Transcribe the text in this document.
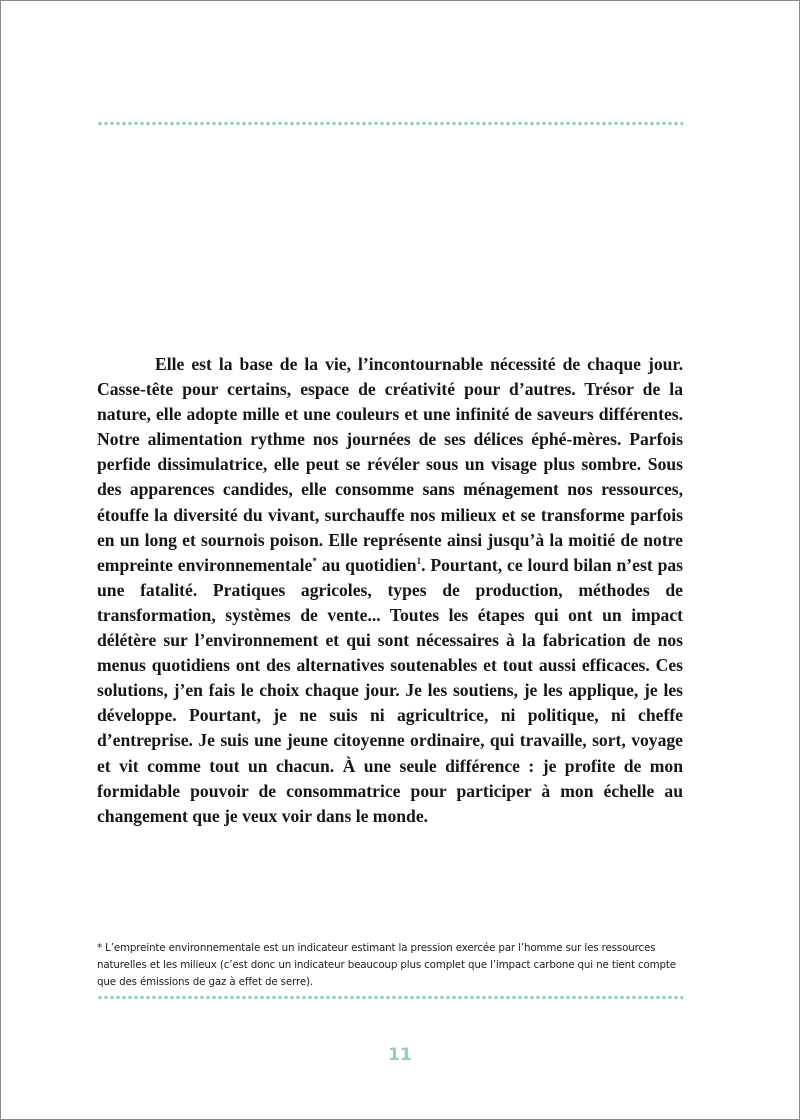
Elle est la base de la vie, l’incontournable nécessité de chaque jour. Casse-tête pour certains, espace de créativité pour d’autres. Trésor de la nature, elle adopte mille et une couleurs et une infinité de saveurs différentes. Notre alimentation rythme nos journées de ses délices éphé-mères. Parfois perfide dissimulatrice, elle peut se révéler sous un visage plus sombre. Sous des apparences candides, elle consomme sans ménagement nos ressources, étouffe la diversité du vivant, surchauffe nos milieux et se transforme parfois en un long et sournois poison. Elle représente ainsi jusqu’à la moitié de notre empreinte environnementale* au quotidien$^1$. Pourtant, ce lourd bilan n’est pas une fatalité. Pratiques agricoles, types de production, méthodes de transformation, systèmes de vente... Toutes les étapes qui ont un impact délétère sur l’environnement et qui sont nécessaires à la fabrication de nos menus quotidiens ont des alternatives soutenables et tout aussi efficaces. Ces solutions, j’en fais le choix chaque jour. Je les soutiens, je les applique, je les développe. Pourtant, je ne suis ni agricultrice, ni politique, ni cheffe d’entreprise. Je suis une jeune citoyenne ordinaire, qui travaille, sort, voyage et vit comme tout un chacun. À une seule différence : je profite de mon formidable pouvoir de consommatrice pour participer à mon échelle au changement que je veux voir dans le monde.

* L’empreinte environnementale est un indicateur estimant la pression exercée par l’homme sur les ressources naturelles et les milieux (c’est donc un indicateur beaucoup plus complet que l’impact carbone qui ne tient compte que des émissions de gaz à effet de serre).

11
